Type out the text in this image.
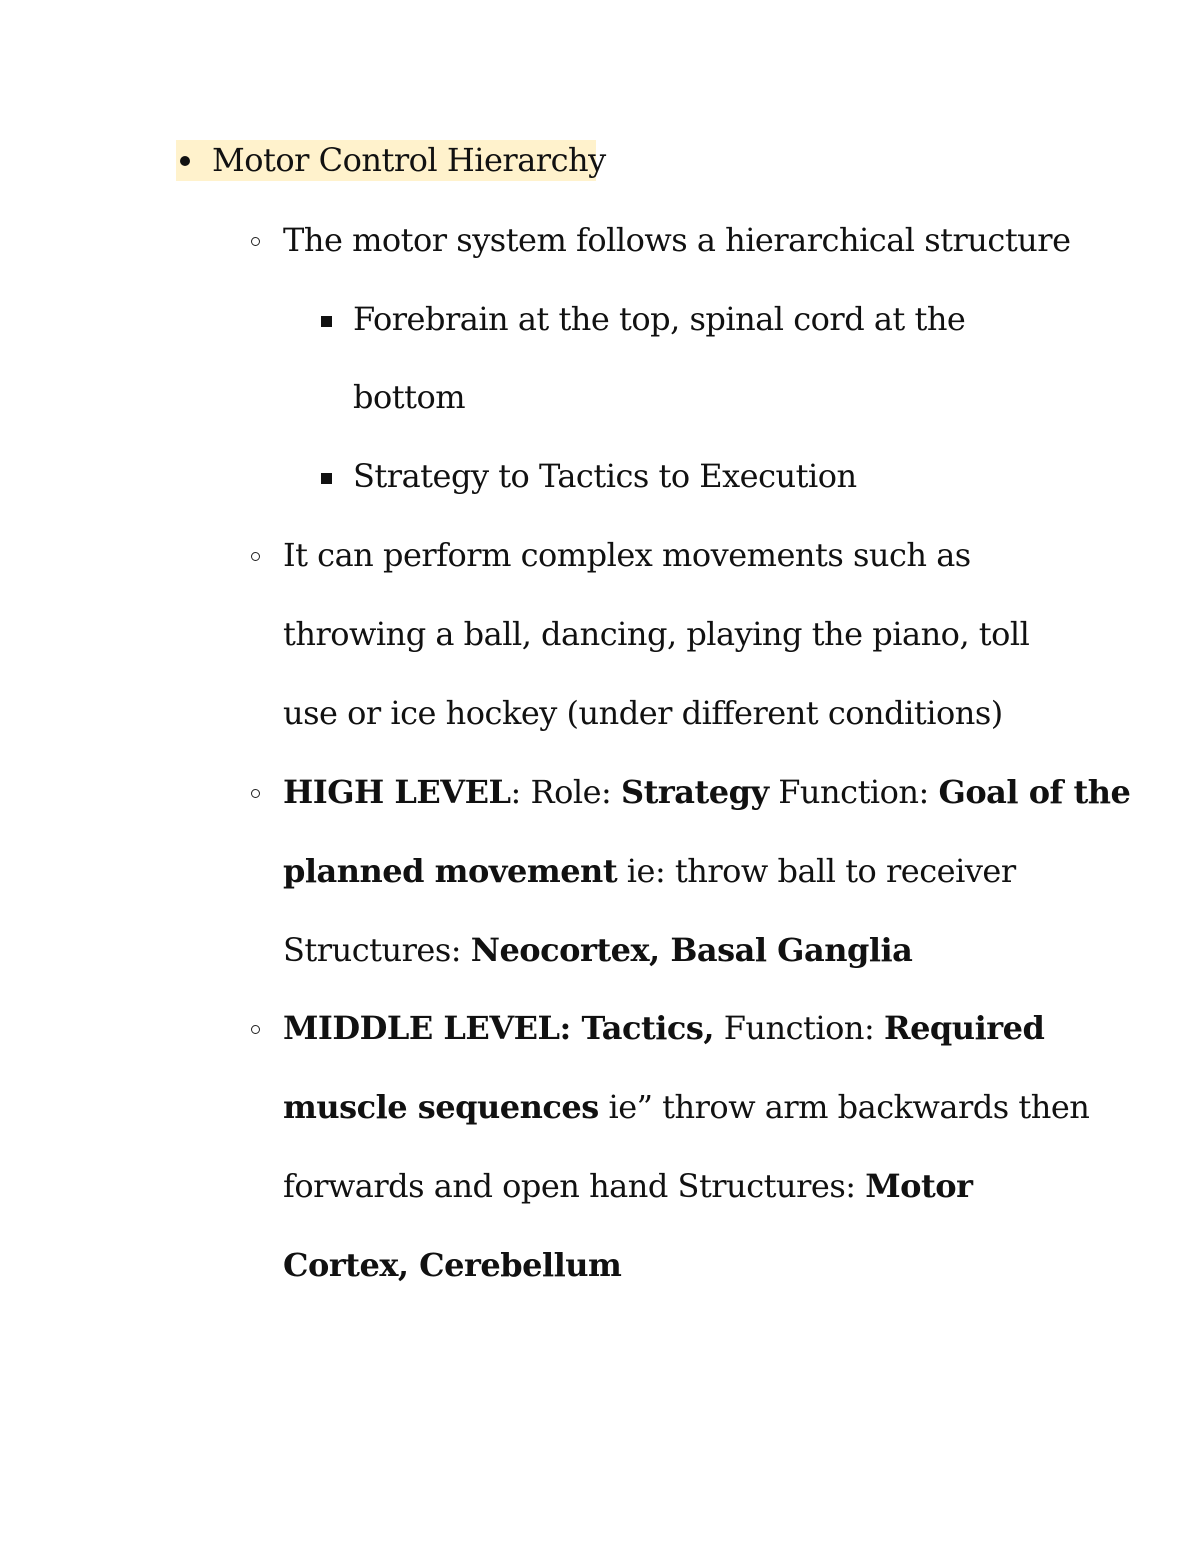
Motor Control Hierarchy
The motor system follows a hierarchical structure
Forebrain at the top, spinal cord at the
bottom
Strategy to Tactics to Execution
It can perform complex movements such as
throwing a ball, dancing, playing the piano, toll
use or ice hockey (under different conditions)
HIGH LEVEL: Role: Strategy Function: Goal of the
planned movement ie: throw ball to receiver
Structures: Neocortex, Basal Ganglia
MIDDLE LEVEL: Tactics, Function: Required
muscle sequences ie” throw arm backwards then
forwards and open hand Structures: Motor
Cortex, Cerebellum
